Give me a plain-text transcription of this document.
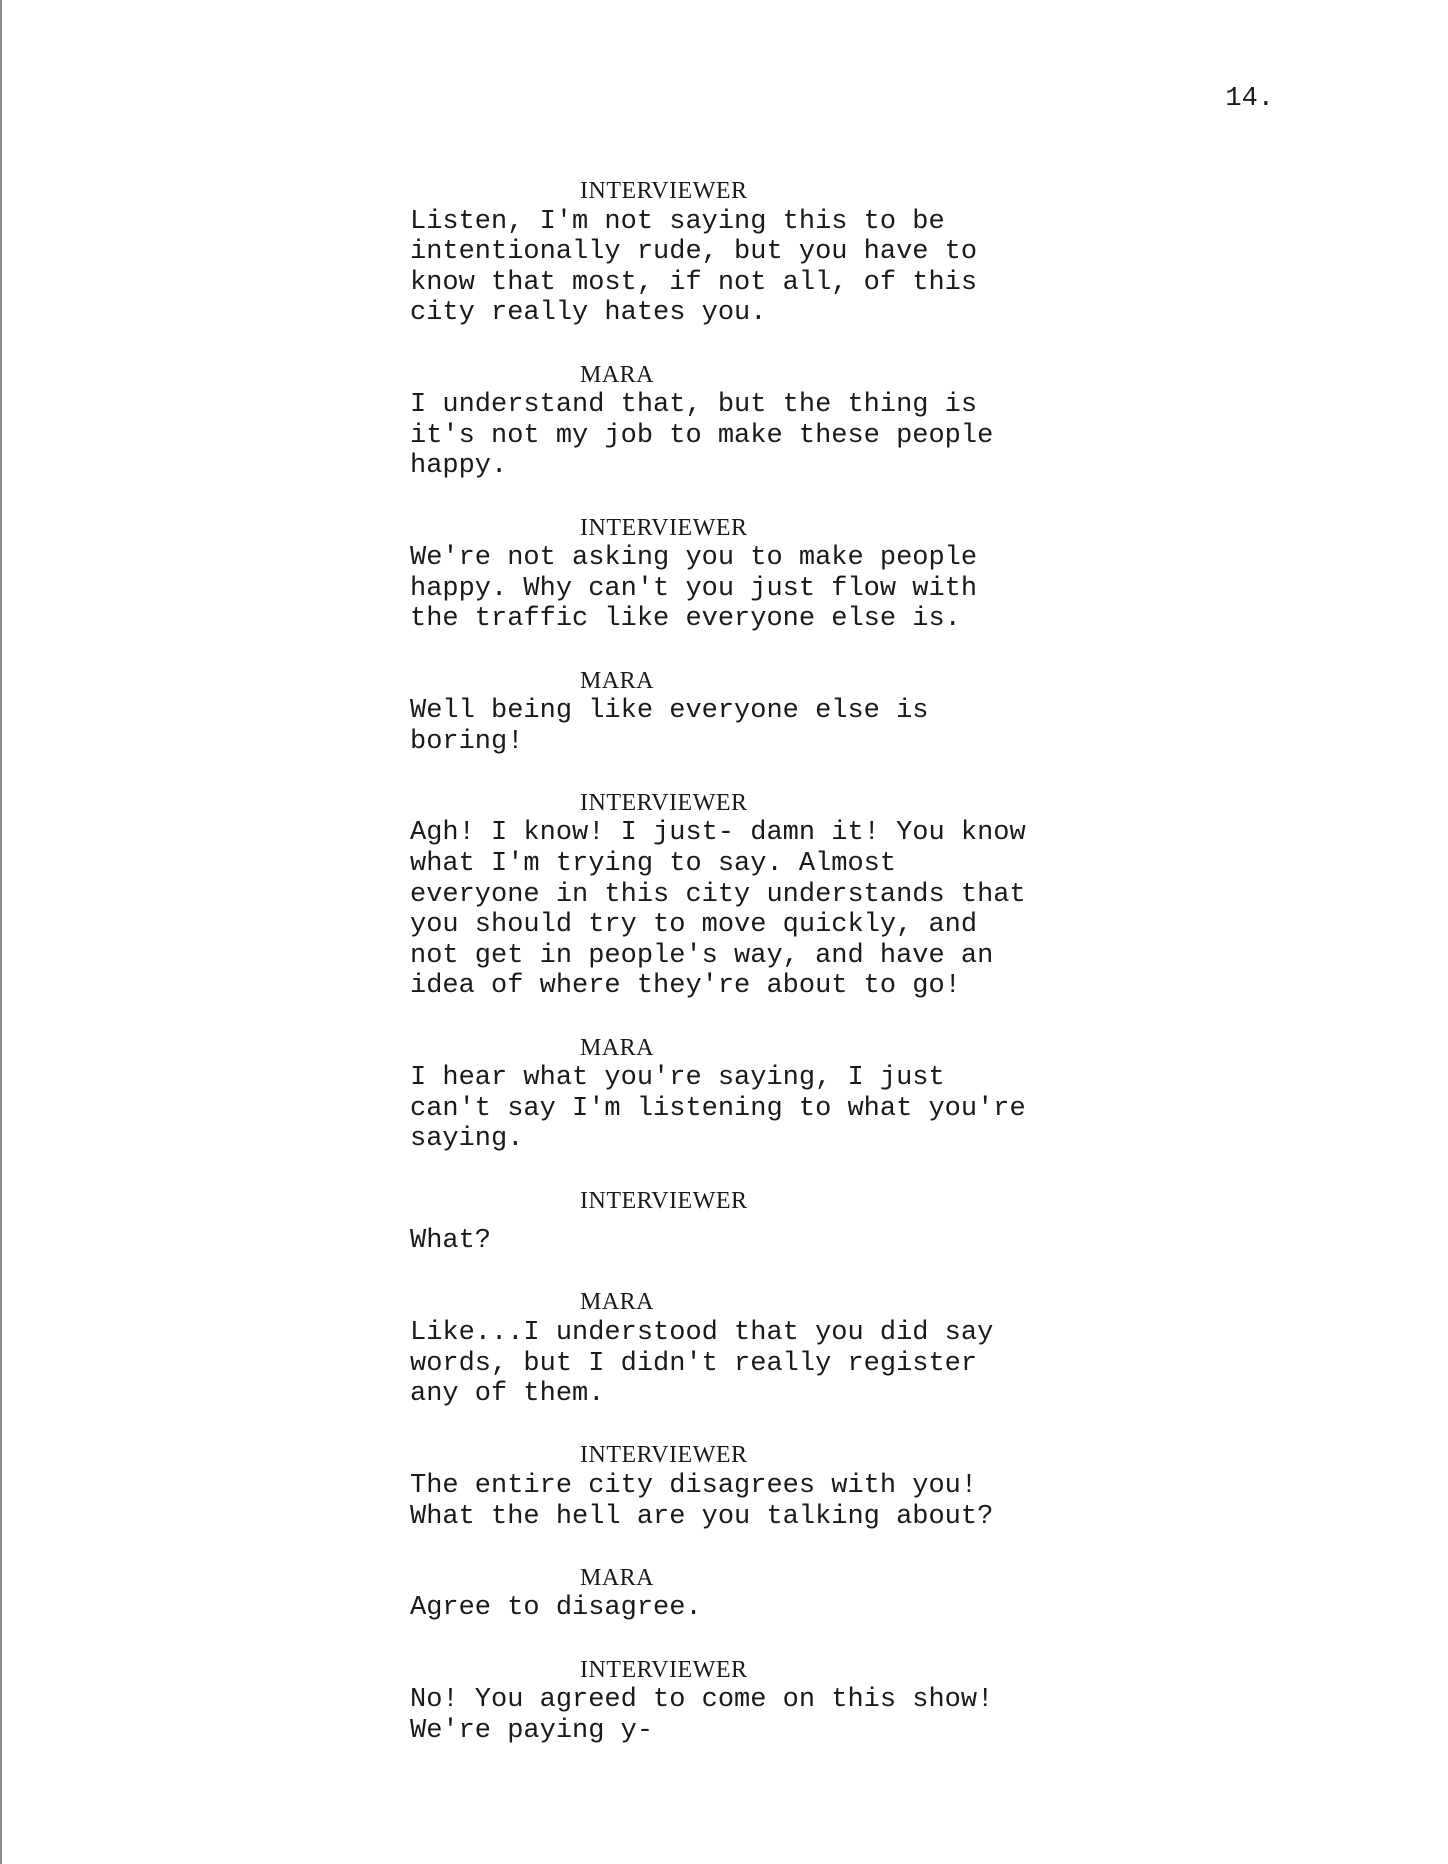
14.
INTERVIEWER

Listen, I'm not saying this to be
intentionally rude, but you have to
know that most, if not all, of this
city really hates you.

MARA

I understand that, but the thing is
it's not my job to make these people
happy.

INTERVIEWER

We're not asking you to make people
happy. Why can't you just flow with
the traffic like everyone else is.

MARA

Well being like everyone else is
boring!

INTERVIEWER

Agh! I know! I just- damn it! You know
what I'm trying to say. Almost
everyone in this city understands that
you should try to move quickly, and
not get in people's way, and have an
idea of where they're about to go!

MARA

I hear what you're saying, I just
can't say I'm listening to what you're
saying.

INTERVIEWER

What?

MARA

Like...I understood that you did say
words, but I didn't really register
any of them.

INTERVIEWER

The entire city disagrees with you!
What the hell are you talking about?

MARA

Agree to disagree.

INTERVIEWER

No! You agreed to come on this show!
We're paying y-
